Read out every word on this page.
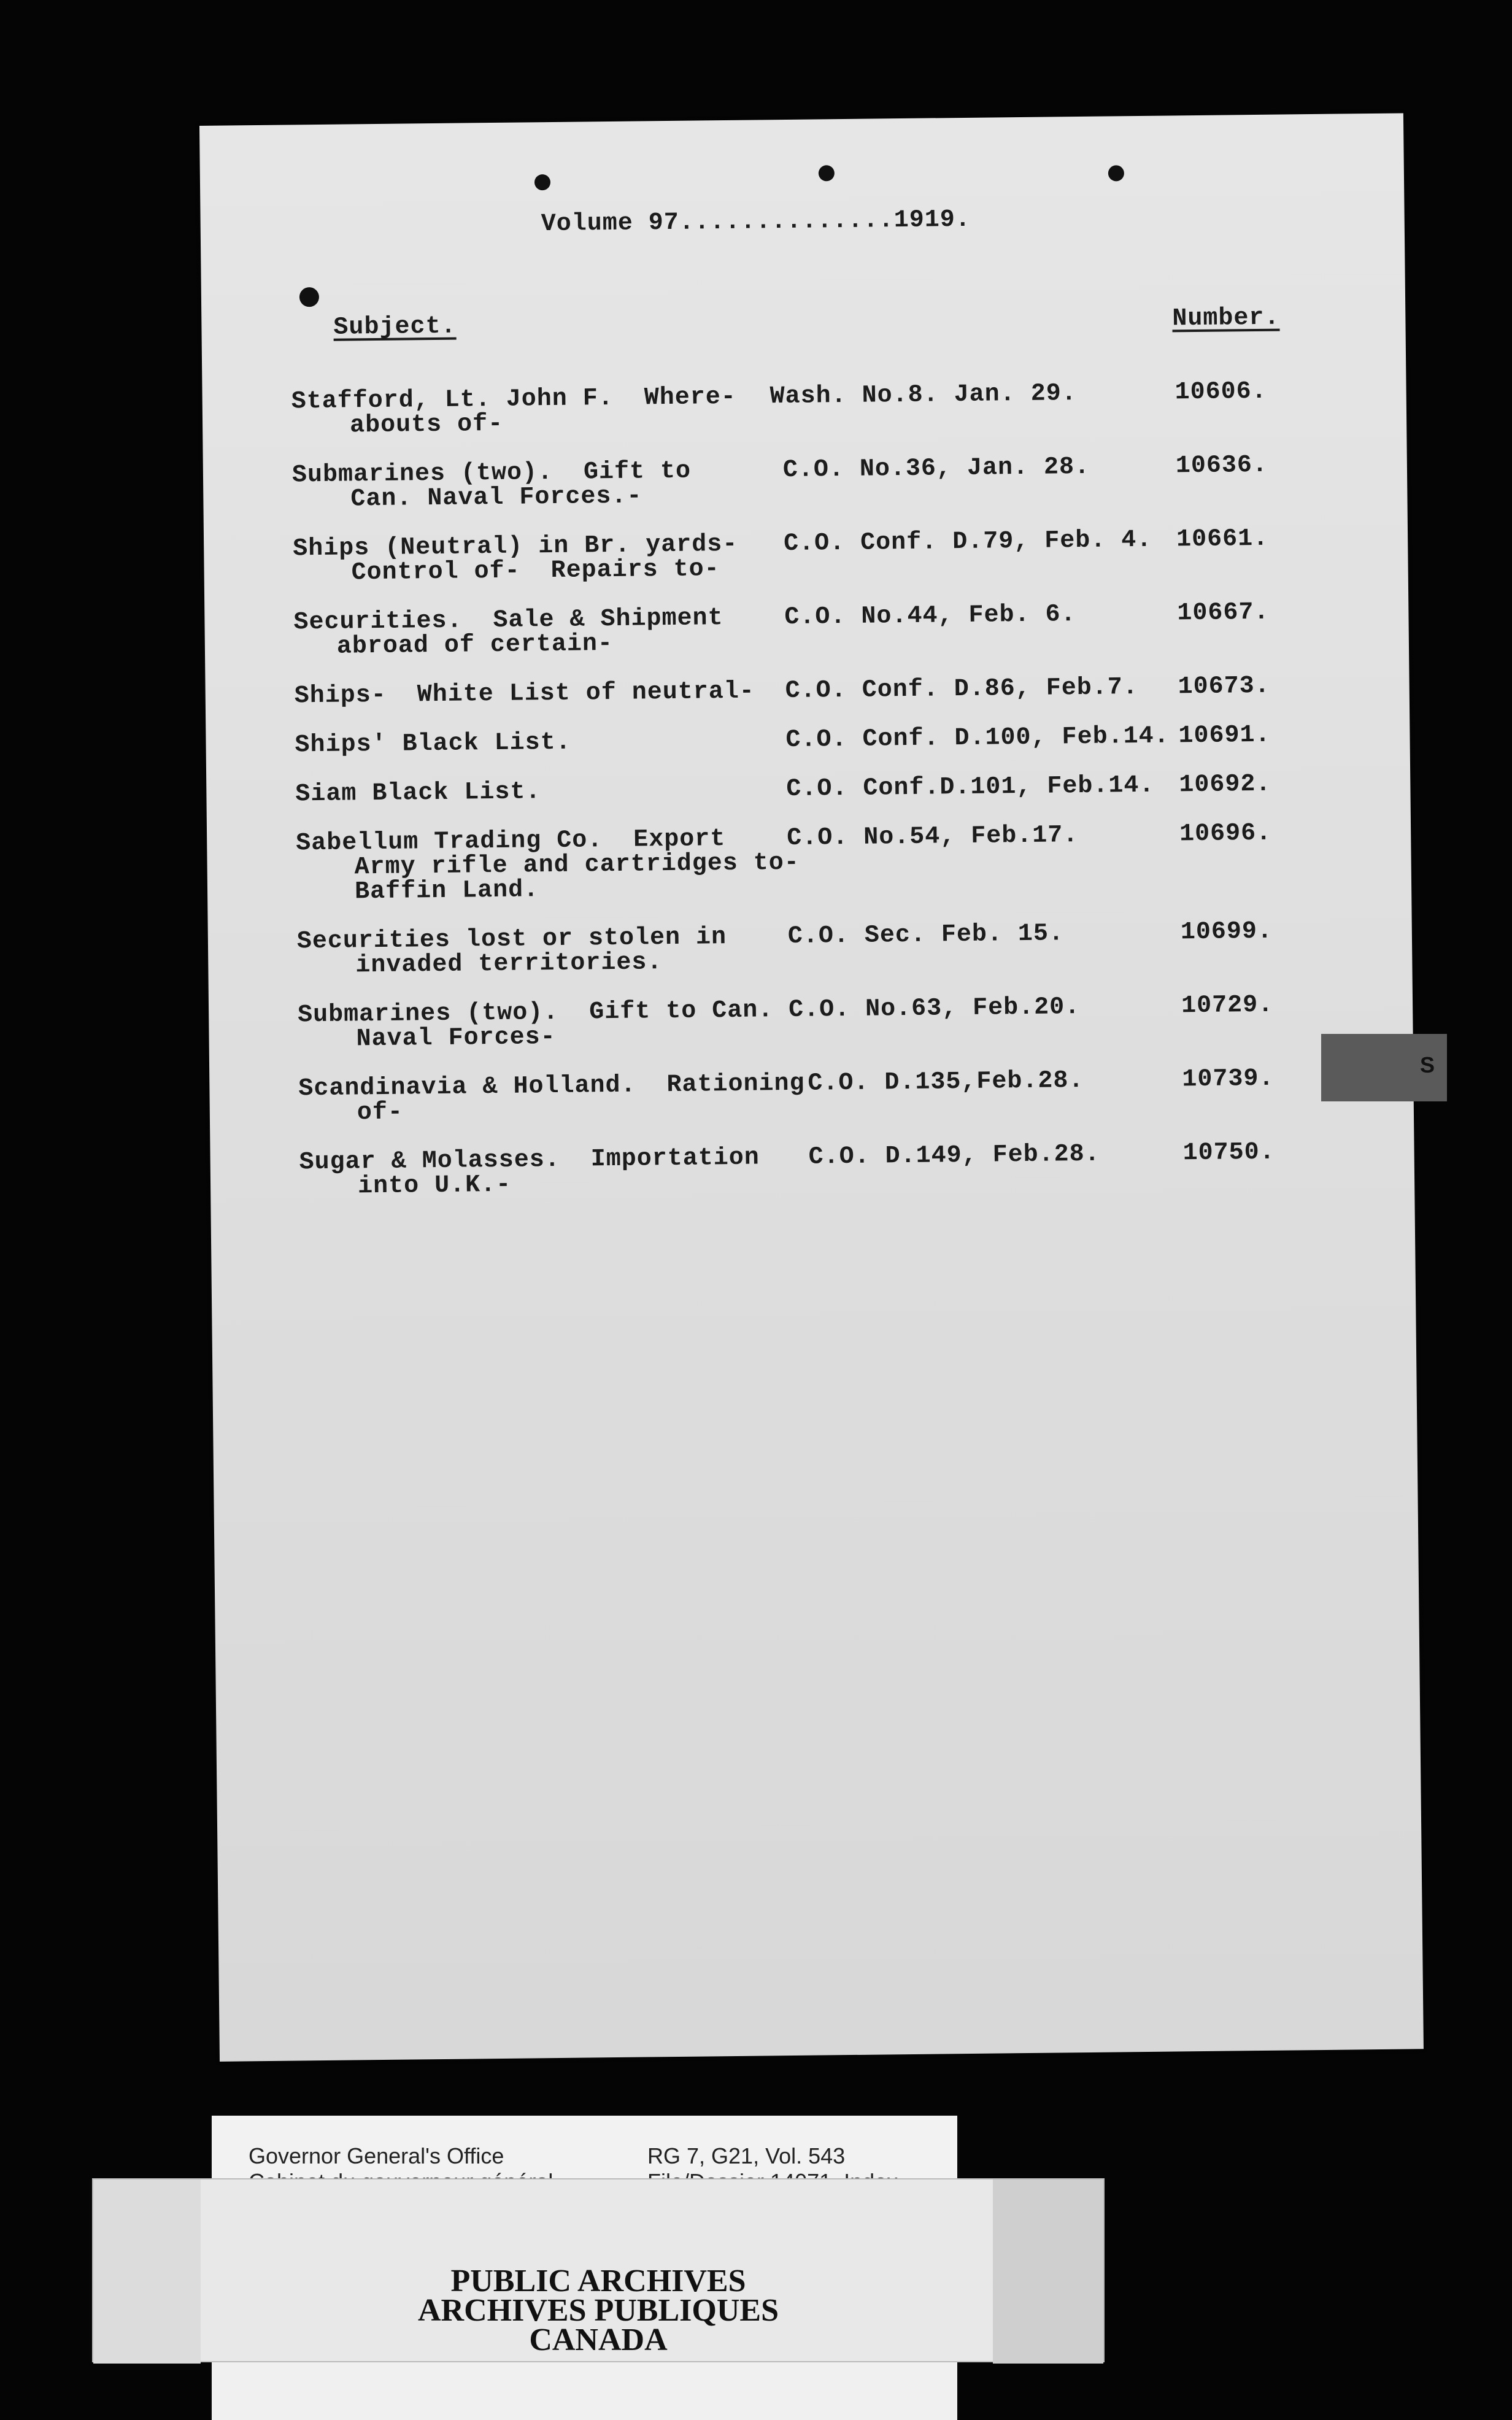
Volume 97..............1919.
Subject.	Number.
Stafford, Lt. John F.  Where-
abouts of-
Wash. No.8. Jan. 29.	10606.
Submarines (two).  Gift to
Can. Naval Forces.-
C.O. No.36, Jan. 28.	10636.
Ships (Neutral) in Br. yards-
Control of-  Repairs to-
C.O. Conf. D.79, Feb. 4. 10661.
Securities.  Sale & Shipment
abroad of certain-
C.O. No.44, Feb. 6.	10667.
Ships-  White List of neutral- C.O. Conf. D.86, Feb.7. 10673.
Ships' Black List.	C.O. Conf. D.100, Feb.14. 10691.
Siam Black List.	C.O. Conf.D.101, Feb.14. 10692.
Sabellum Trading Co.  Export
Army rifle and cartridges to-
Baffin Land.
C.O. No.54, Feb.17.	10696.
Securities lost or stolen in
invaded territories.
C.O. Sec. Feb. 15.	10699.
Submarines (two).  Gift to Can.
Naval Forces-
C.O. No.63, Feb.20.	10729.
Scandinavia & Holland.  Rationing
of-
C.O. D.135,Feb.28.	10739.
Sugar & Molasses.  Importation
into U.K.-
C.O. D.149, Feb.28.	10750.
S
Governor General's Office	RG 7, G21, Vol. 543
PUBLIC ARCHIVES
ARCHIVES PUBLIQUES
CANADA
